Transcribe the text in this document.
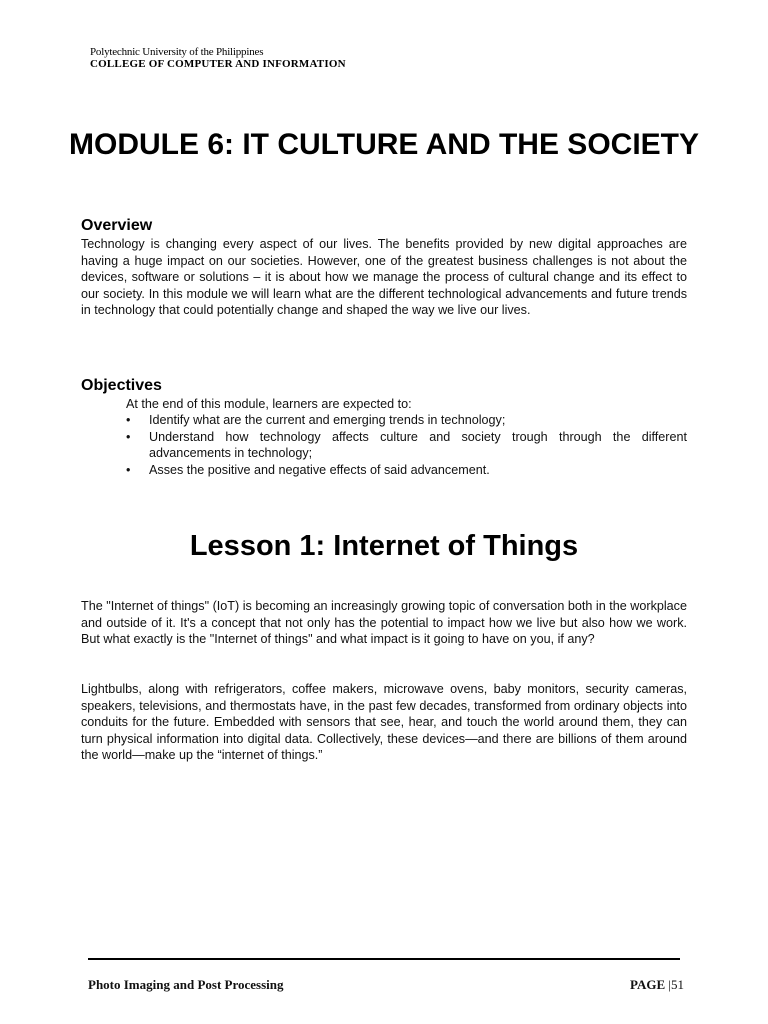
Polytechnic University of the Philippines
COLLEGE OF COMPUTER AND INFORMATION
MODULE 6: IT CULTURE AND THE SOCIETY
Overview

Technology is changing every aspect of our lives. The benefits provided by new digital approaches are having a huge impact on our societies. However, one of the greatest business challenges is not about the devices, software or solutions – it is about how we manage the process of cultural change and its effect to our society. In this module we will learn what are the different technological advancements and future trends in technology that could potentially change and shaped the way we live our lives.

Objectives

At the end of this module, learners are expected to:

• Identify what are the current and emerging trends in technology;
• Understand how technology affects culture and society trough through the different advancements in technology;
• Asses the positive and negative effects of said advancement.
Lesson 1: Internet of Things

The "Internet of things" (IoT) is becoming an increasingly growing topic of conversation both in the workplace and outside of it. It's a concept that not only has the potential to impact how we live but also how we work. But what exactly is the "Internet of things" and what impact is it going to have on you, if any?

Lightbulbs, along with refrigerators, coffee makers, microwave ovens, baby monitors, security cameras, speakers, televisions, and thermostats have, in the past few decades, transformed from ordinary objects into conduits for the future. Embedded with sensors that see, hear, and touch the world around them, they can turn physical information into digital data. Collectively, these devices—and there are billions of them around the world—make up the “internet of things.”

Photo Imaging and Post Processing	PAGE |51
